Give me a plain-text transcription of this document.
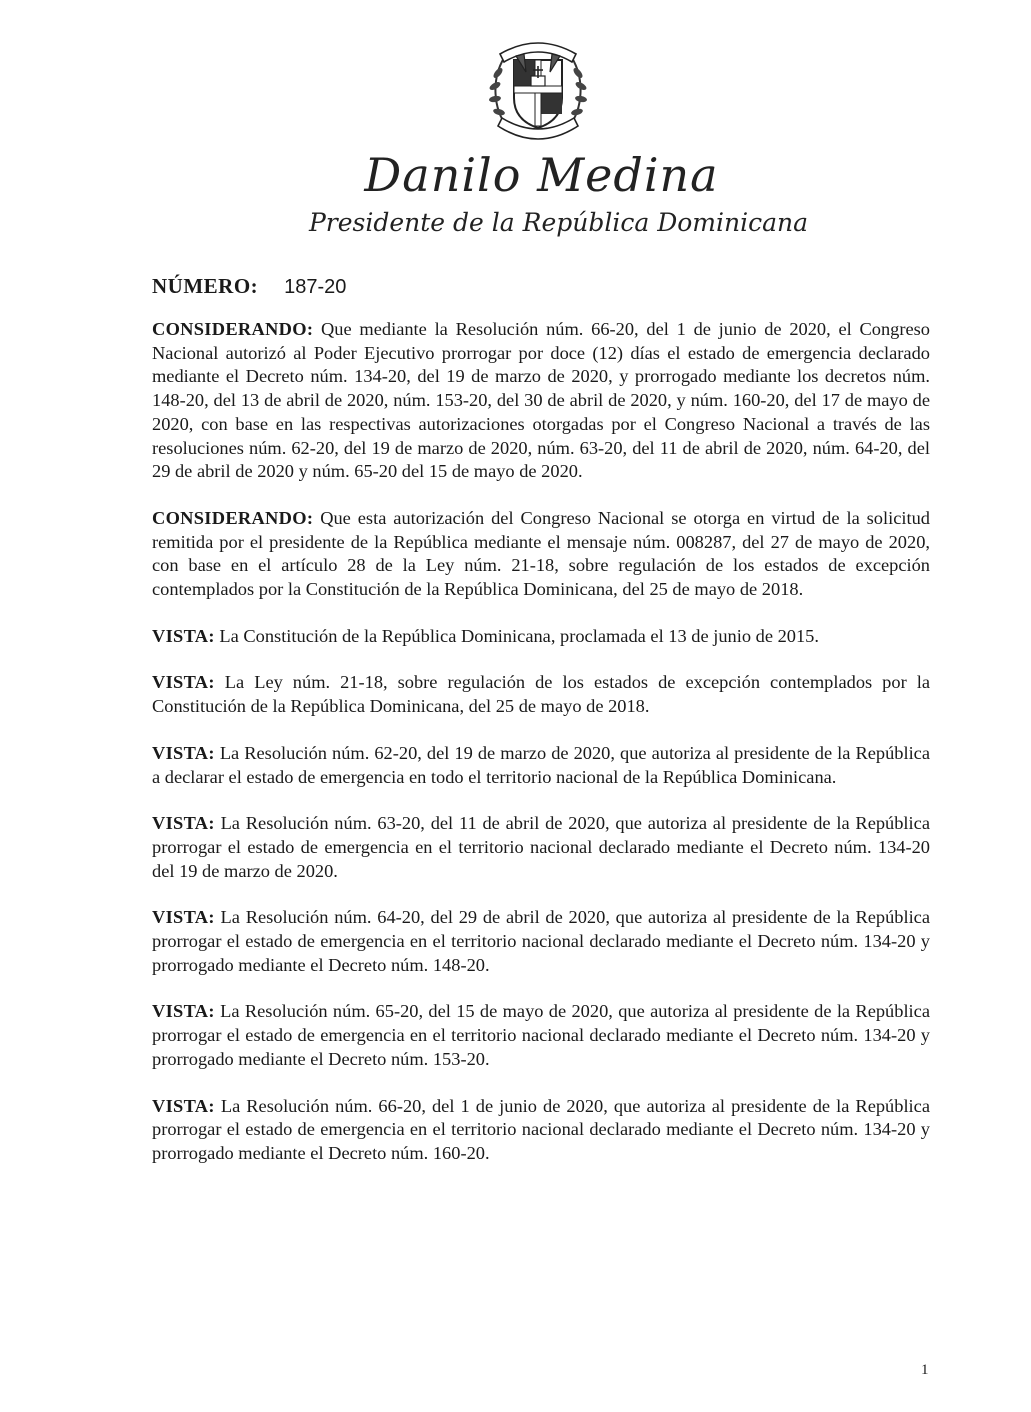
Danilo Medina
Presidente de la República Dominicana
NÚMERO: 187-20

CONSIDERANDO: Que mediante la Resolución núm. 66-20, del 1 de junio de 2020, el Congreso Nacional autorizó al Poder Ejecutivo prorrogar por doce (12) días el estado de emergencia declarado mediante el Decreto núm. 134-20, del 19 de marzo de 2020, y prorrogado mediante los decretos núm. 148-20, del 13 de abril de 2020, núm. 153-20, del 30 de abril de 2020, y núm. 160-20, del 17 de mayo de 2020, con base en las respectivas autorizaciones otorgadas por el Congreso Nacional a través de las resoluciones núm. 62-20, del 19 de marzo de 2020, núm. 63-20, del 11 de abril de 2020, núm. 64-20, del 29 de abril de 2020 y núm. 65-20 del 15 de mayo de 2020.

CONSIDERANDO: Que esta autorización del Congreso Nacional se otorga en virtud de la solicitud remitida por el presidente de la República mediante el mensaje núm. 008287, del 27 de mayo de 2020, con base en el artículo 28 de la Ley núm. 21-18, sobre regulación de los estados de excepción contemplados por la Constitución de la República Dominicana, del 25 de mayo de 2018.

VISTA: La Constitución de la República Dominicana, proclamada el 13 de junio de 2015.

VISTA: La Ley núm. 21-18, sobre regulación de los estados de excepción contemplados por la Constitución de la República Dominicana, del 25 de mayo de 2018.

VISTA: La Resolución núm. 62-20, del 19 de marzo de 2020, que autoriza al presidente de la República a declarar el estado de emergencia en todo el territorio nacional de la República Dominicana.

VISTA: La Resolución núm. 63-20, del 11 de abril de 2020, que autoriza al presidente de la República prorrogar el estado de emergencia en el territorio nacional declarado mediante el Decreto núm. 134-20 del 19 de marzo de 2020.

VISTA: La Resolución núm. 64-20, del 29 de abril de 2020, que autoriza al presidente de la República prorrogar el estado de emergencia en el territorio nacional declarado mediante el Decreto núm. 134-20 y prorrogado mediante el Decreto núm. 148-20.

VISTA: La Resolución núm. 65-20, del 15 de mayo de 2020, que autoriza al presidente de la República prorrogar el estado de emergencia en el territorio nacional declarado mediante el Decreto núm. 134-20 y prorrogado mediante el Decreto núm. 153-20.

VISTA: La Resolución núm. 66-20, del 1 de junio de 2020, que autoriza al presidente de la República prorrogar el estado de emergencia en el territorio nacional declarado mediante el Decreto núm. 134-20 y prorrogado mediante el Decreto núm. 160-20.

1
